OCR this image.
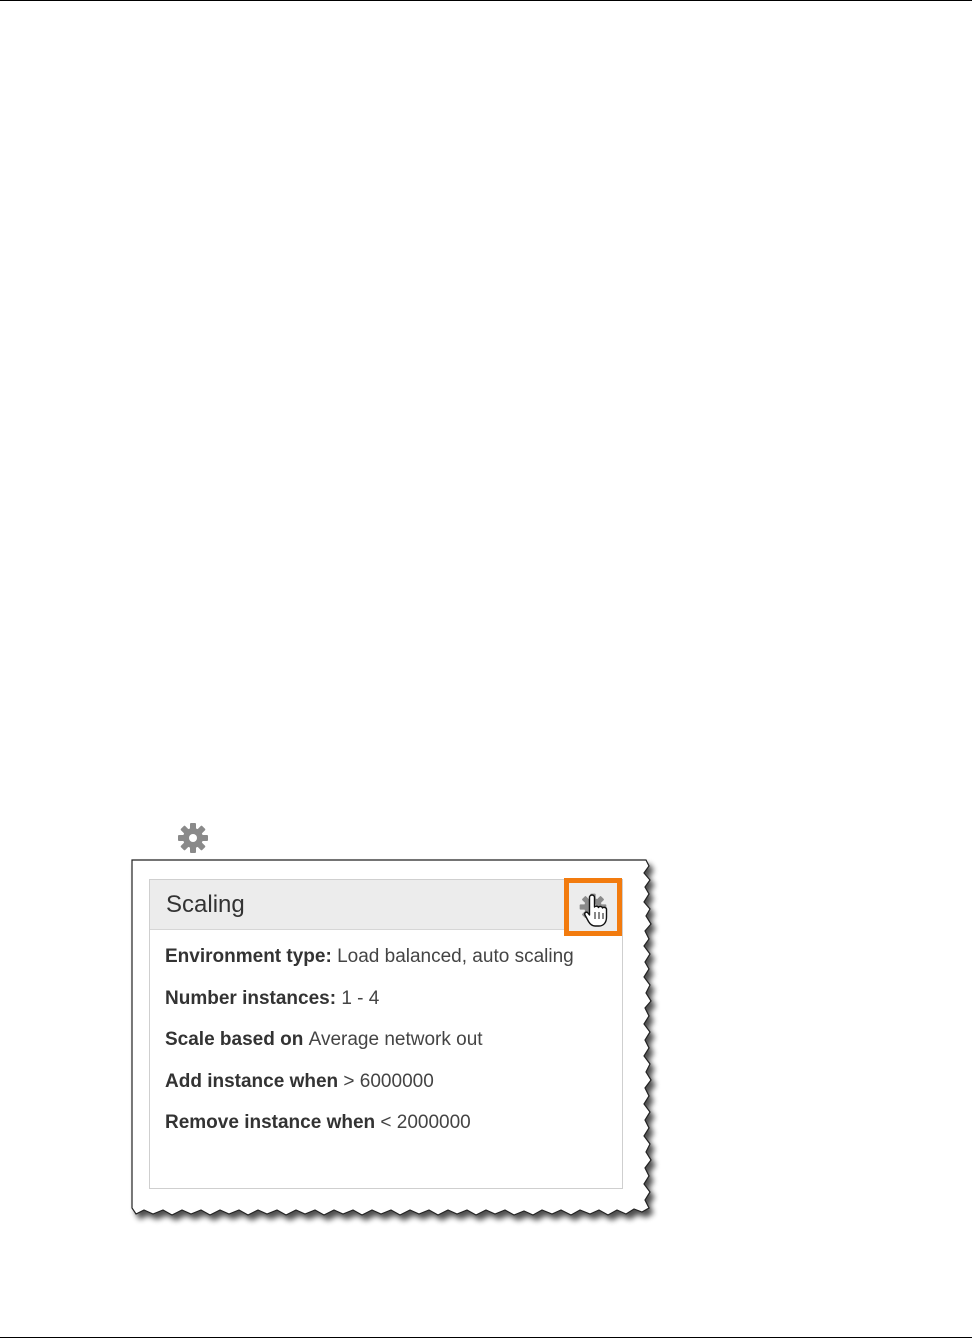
Scaling
Environment type: Load balanced, auto scaling
Number instances: 1 - 4
Scale based on Average network out
Add instance when > 6000000
Remove instance when < 2000000
